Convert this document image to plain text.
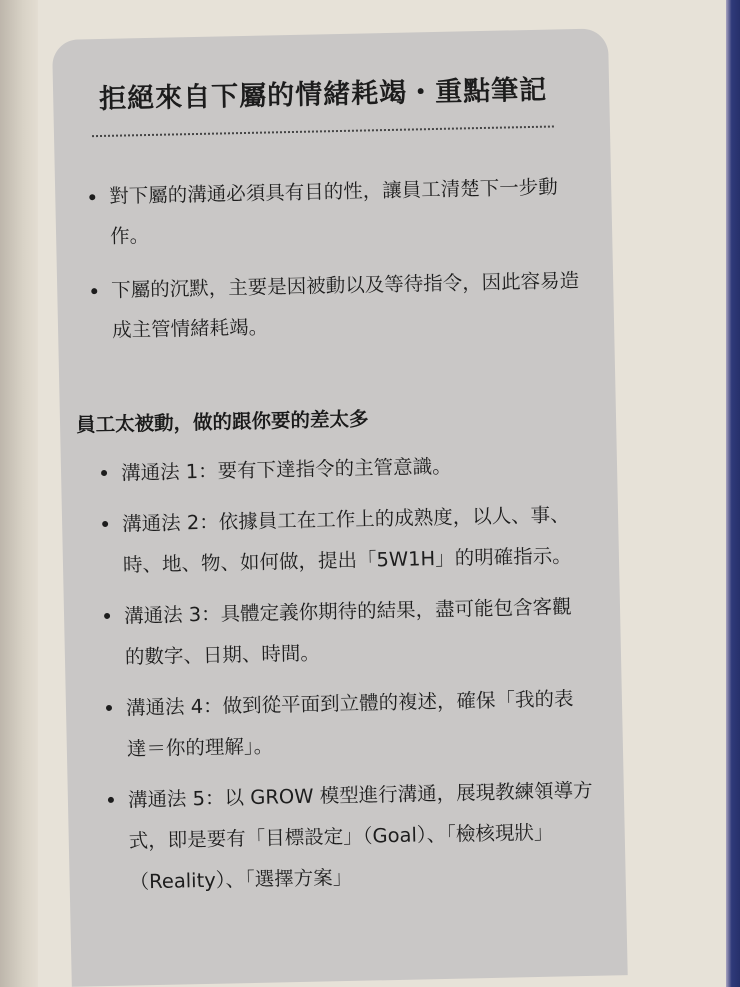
拒絕來自下屬的情緒耗竭・重點筆記
對下屬的溝通必須具有目的性，讓員工清楚下一步動作。
下屬的沉默，主要是因被動以及等待指令，因此容易造成主管情緒耗竭。
員工太被動，做的跟你要的差太多
溝通法 1：要有下達指令的主管意識。
溝通法 2：依據員工在工作上的成熟度，以人、事、時、地、物、如何做，提出「5W1H」的明確指示。
溝通法 3：具體定義你期待的結果，盡可能包含客觀的數字、日期、時間。
溝通法 4：做到從平面到立體的複述，確保「我的表達＝你的理解」。
溝通法 5：以 GROW 模型進行溝通，展現教練領導方式，即是要有「目標設定」（Goal）、「檢核現狀」（Reality）、「選擇方案」
